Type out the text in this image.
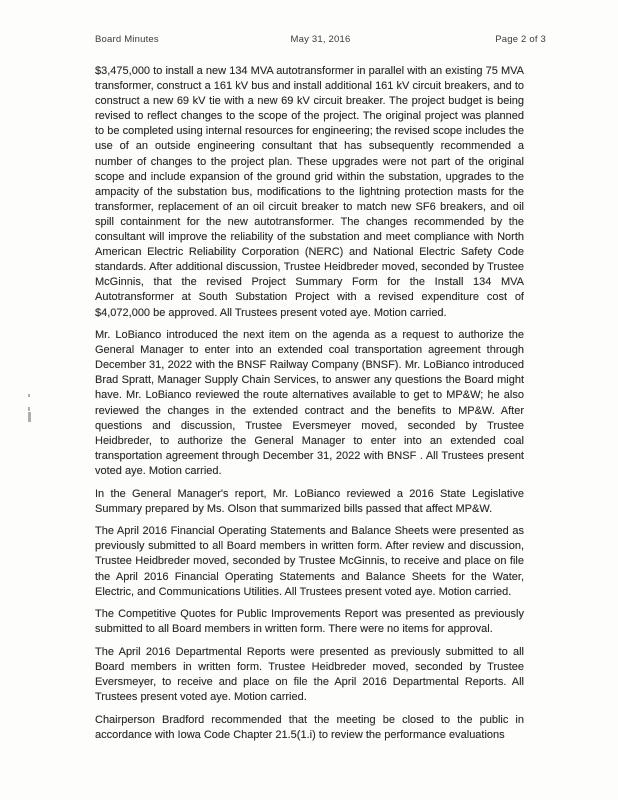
Board Minutes	May 31, 2016	Page 2 of 3

$3,475,000 to install a new 134 MVA autotransformer in parallel with an existing 75 MVA transformer, construct a 161 kV bus and install additional 161 kV circuit breakers, and to construct a new 69 kV tie with a new 69 kV circuit breaker. The project budget is being revised to reflect changes to the scope of the project. The original project was planned to be completed using internal resources for engineering; the revised scope includes the use of an outside engineering consultant that has subsequently recommended a number of changes to the project plan. These upgrades were not part of the original scope and include expansion of the ground grid within the substation, upgrades to the ampacity of the substation bus, modifications to the lightning protection masts for the transformer, replacement of an oil circuit breaker to match new SF6 breakers, and oil spill containment for the new autotransformer. The changes recommended by the consultant will improve the reliability of the substation and meet compliance with North American Electric Reliability Corporation (NERC) and National Electric Safety Code standards. After additional discussion, Trustee Heidbreder moved, seconded by Trustee McGinnis, that the revised Project Summary Form for the Install 134 MVA Autotransformer at South Substation Project with a revised expenditure cost of $4,072,000 be approved. All Trustees present voted aye. Motion carried.

Mr. LoBianco introduced the next item on the agenda as a request to authorize the General Manager to enter into an extended coal transportation agreement through December 31, 2022 with the BNSF Railway Company (BNSF). Mr. LoBianco introduced Brad Spratt, Manager Supply Chain Services, to answer any questions the Board might have. Mr. LoBianco reviewed the route alternatives available to get to MP&W; he also reviewed the changes in the extended contract and the benefits to MP&W. After questions and discussion, Trustee Eversmeyer moved, seconded by Trustee Heidbreder, to authorize the General Manager to enter into an extended coal transportation agreement through December 31, 2022 with BNSF . All Trustees present voted aye. Motion carried.

In the General Manager's report, Mr. LoBianco reviewed a 2016 State Legislative Summary prepared by Ms. Olson that summarized bills passed that affect MP&W.

The April 2016 Financial Operating Statements and Balance Sheets were presented as previously submitted to all Board members in written form. After review and discussion, Trustee Heidbreder moved, seconded by Trustee McGinnis, to receive and place on file the April 2016 Financial Operating Statements and Balance Sheets for the Water, Electric, and Communications Utilities. All Trustees present voted aye. Motion carried.

The Competitive Quotes for Public Improvements Report was presented as previously submitted to all Board members in written form. There were no items for approval.

The April 2016 Departmental Reports were presented as previously submitted to all Board members in written form. Trustee Heidbreder moved, seconded by Trustee Eversmeyer, to receive and place on file the April 2016 Departmental Reports. All Trustees present voted aye. Motion carried.

Chairperson Bradford recommended that the meeting be closed to the public in accordance with Iowa Code Chapter 21.5(1.i) to review the performance evaluations
